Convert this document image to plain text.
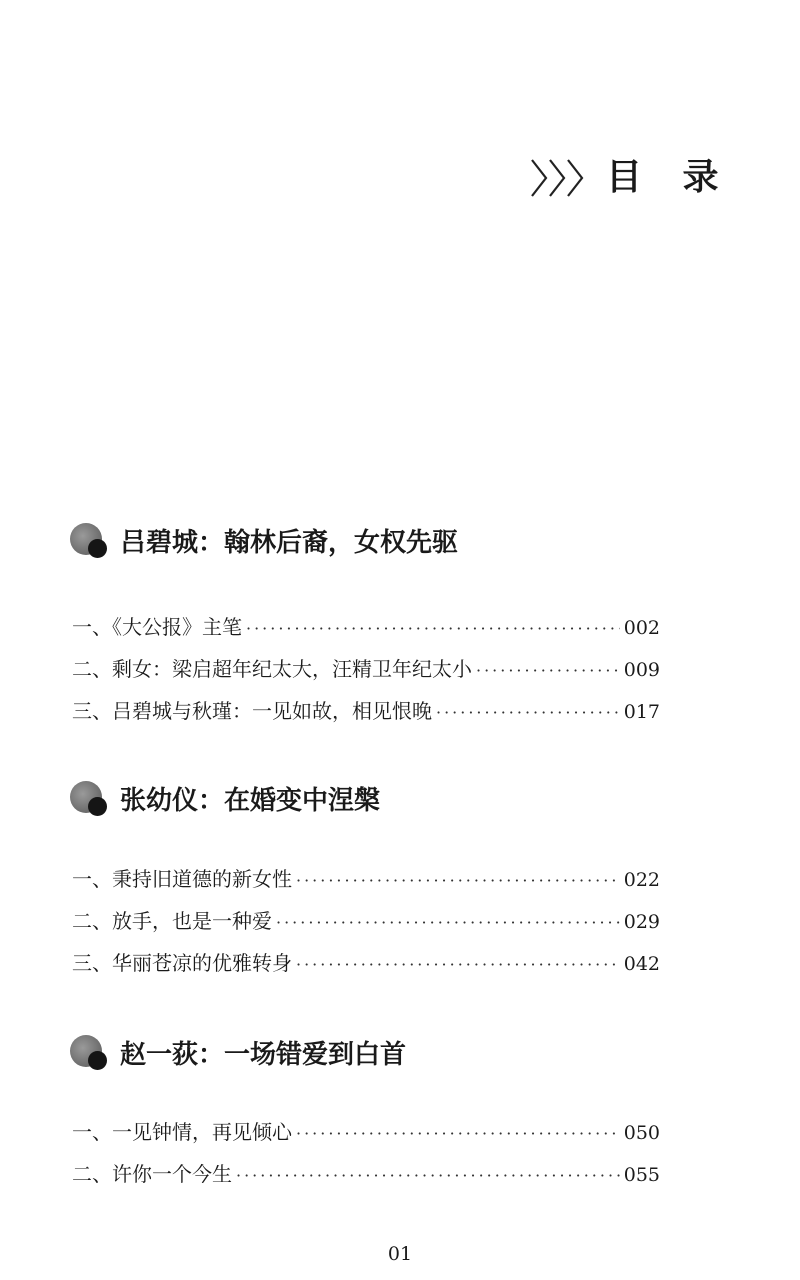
目 录
吕碧城：翰林后裔，女权先驱
一、《大公报》主笔 ·····	002
二、剩女：梁启超年纪太大，汪精卫年纪太小 ·····	009
三、吕碧城与秋瑾：一见如故，相见恨晚 ·····	017
张幼仪：在婚变中涅槃
一、秉持旧道德的新女性 ·····	022
二、放手，也是一种爱 ·····	029
三、华丽苍凉的优雅转身 ·····	042
赵一荻：一场错爱到白首
一、一见钟情，再见倾心 ·····	050
二、许你一个今生 ·····	055
01
